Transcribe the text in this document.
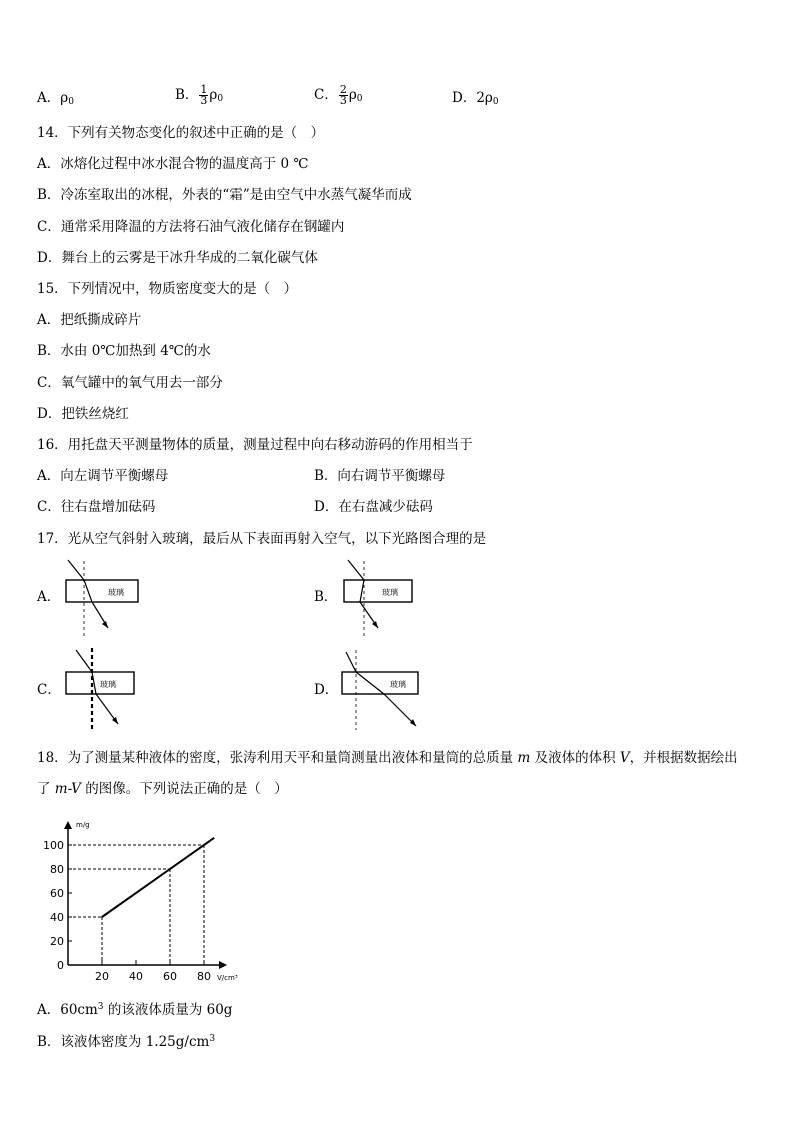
A．$\rho_0$	B． $\frac{1}{3} \rho_0$	C． $\frac{2}{3} \rho_0$	D．$2\rho_0$
14．下列有关物态变化的叙述中正确的是（　）
A．冰熔化过程中冰水混合物的温度高于 0 ℃
B．冷冻室取出的冰棍，外表的“霜”是由空气中水蒸气凝华而成
C．通常采用降温的方法将石油气液化储存在钢罐内
D．舞台上的云雾是干冰升华成的二氧化碳气体
15．下列情况中，物质密度变大的是（　）
A．把纸撕成碎片
B．水由 0℃加热到 4℃的水
C．氧气罐中的氧气用去一部分
D．把铁丝烧红
16．用托盘天平测量物体的质量，测量过程中向右移动游码的作用相当于
A．向左调节平衡螺母	B．向右调节平衡螺母
C．往右盘增加砝码	D．在右盘减少砝码
17．光从空气斜射入玻璃，最后从下表面再射入空气，以下光路图合理的是
A．	玻璃	B．	玻璃
C．	玻璃	D．	玻璃
18．为了测量某种液体的密度，张涛利用天平和量筒测量出液体和量筒的总质量 m 及液体的体积 V，并根据数据绘出
了 m-V 的图像。下列说法正确的是（　）
m/g
V/cm³
0
20
40
60
80
100
20 40 60 80
A．$60cm^3$ 的该液体质量为 60g
B．该液体密度为 $1.25g/cm^3$
